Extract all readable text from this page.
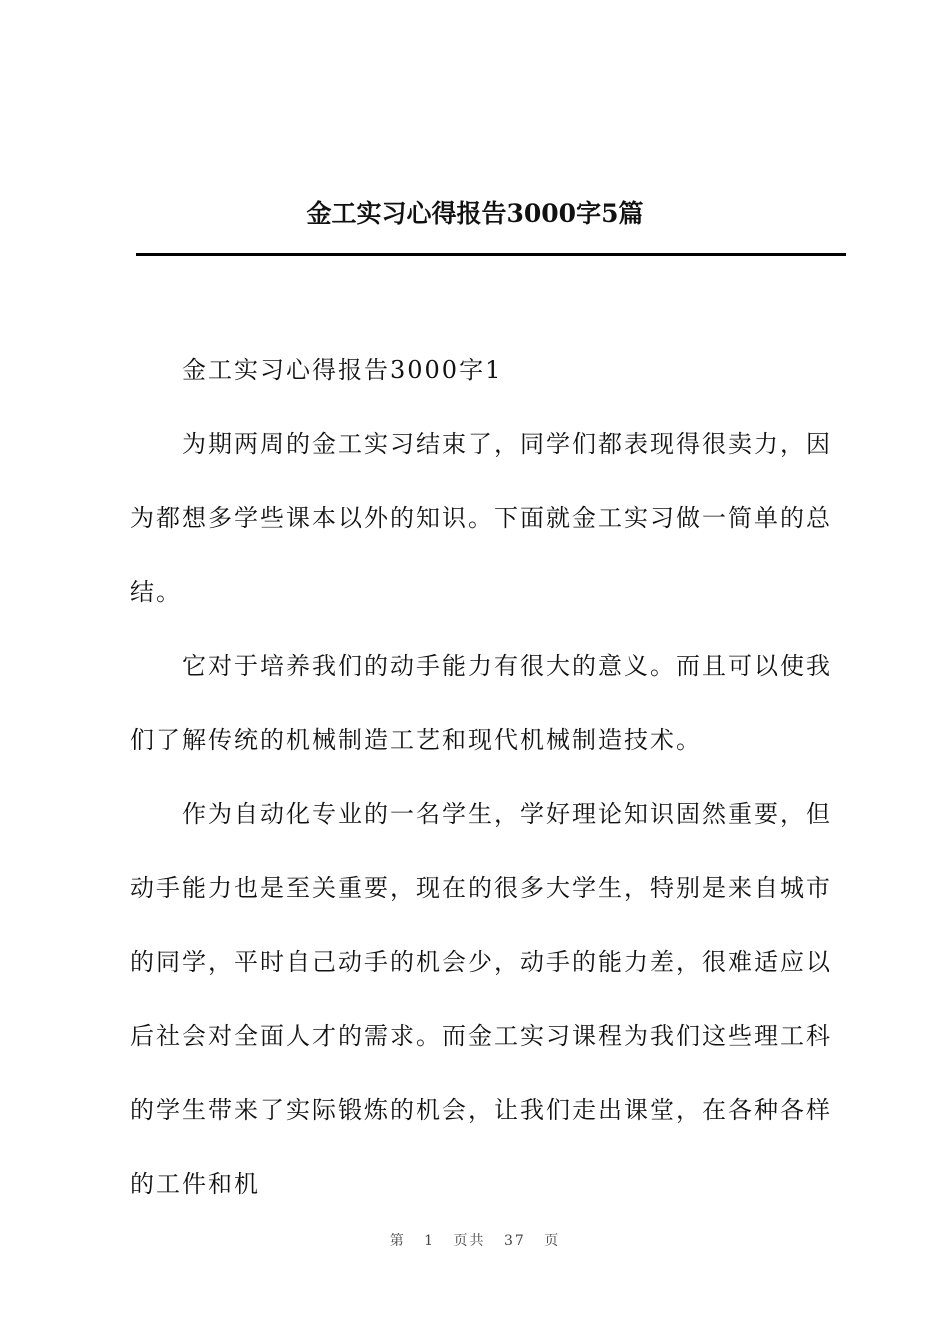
金工实习心得报告3000字5篇

金工实习心得报告3000字1

为期两周的金工实习结束了，同学们都表现得很卖力，因为都想多学些课本以外的知识。下面就金工实习做一简单的总结。

它对于培养我们的动手能力有很大的意义。而且可以使我们了解传统的机械制造工艺和现代机械制造技术。

作为自动化专业的一名学生，学好理论知识固然重要，但动手能力也是至关重要，现在的很多大学生，特别是来自城市的同学，平时自己动手的机会少，动手的能力差，很难适应以后社会对全面人才的需求。而金工实习课程为我们这些理工科的学生带来了实际锻炼的机会，让我们走出课堂，在各种各样的工件和机

第 1 页共 37 页
